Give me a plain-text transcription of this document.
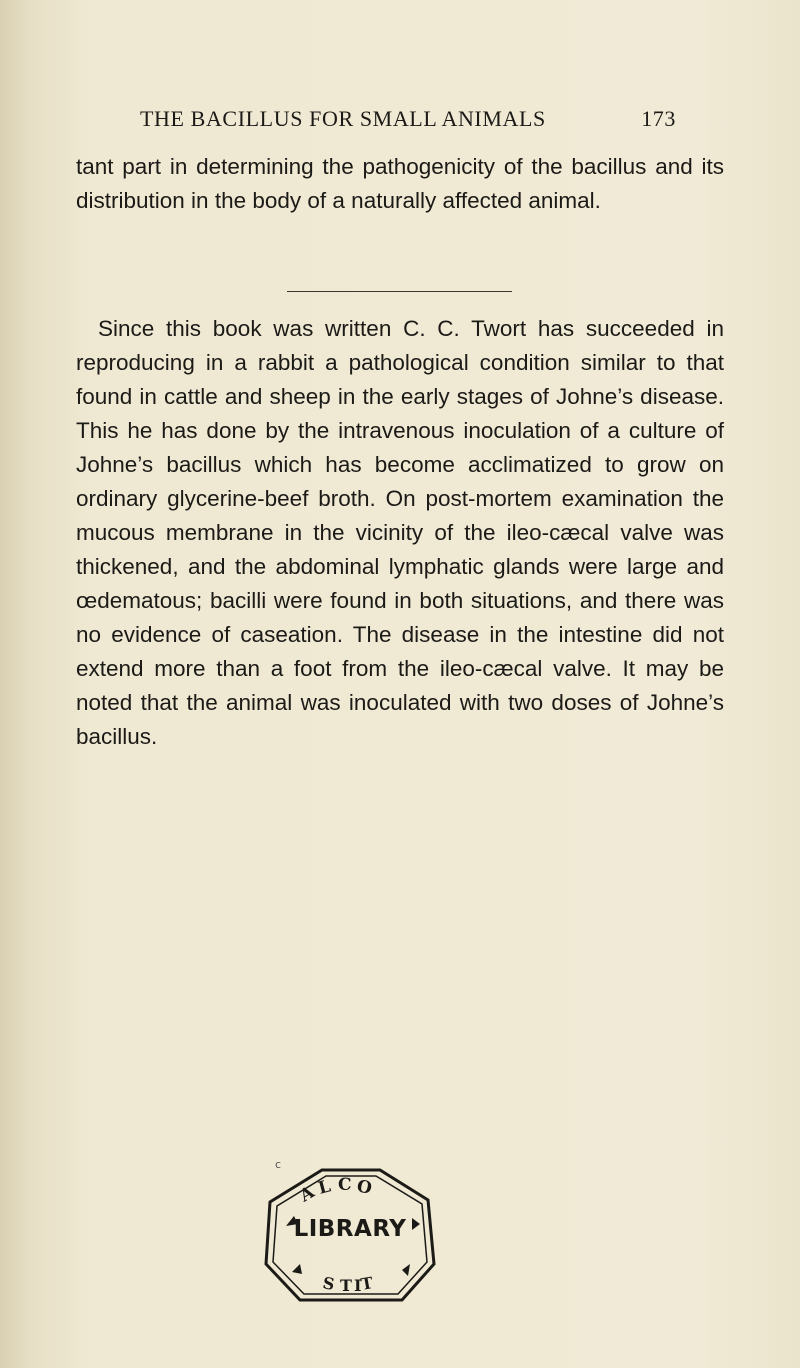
THE BACILLUS FOR SMALL ANIMALS	173

tant part in determining the pathogenicity of the bacillus and its distribution in the body of a naturally affected animal.

Since this book was written C. C. Twort has succeeded in reproducing in a rabbit a pathological condition similar to that found in cattle and sheep in the early stages of Johne’s disease. This he has done by the intravenous inoculation of a culture of Johne’s bacillus which has become acclimatized to grow on ordinary glycerine-beef broth. On post-mortem examination the mucous membrane in the vicinity of the ileo-cæcal valve was thickened, and the abdominal lymphatic glands were large and œdematous; bacilli were found in both situations, and there was no evidence of caseation. The disease in the intestine did not extend more than a foot from the ileo-cæcal valve. It may be noted that the animal was inoculated with two doses of Johne’s bacillus.

c
A
L C O
S T I
T
LIBRARY
